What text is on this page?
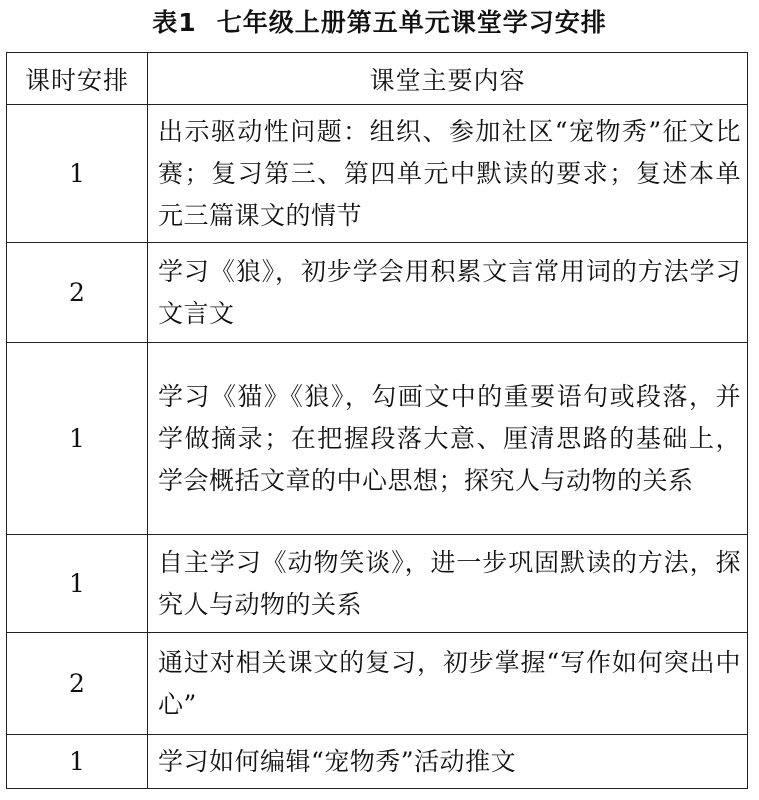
表1 七年级上册第五单元课堂学习安排
课时安排	课堂主要内容
1	出示驱动性问题：组织、参加社区“宠物秀”征文比赛；复习第三、第四单元中默读的要求；复述本单元三篇课文的情节
2	学习《狼》，初步学会用积累文言常用词的方法学习文言文
1	学习《猫》《狼》，勾画文中的重要语句或段落，并学做摘录；在把握段落大意、厘清思路的基础上，学会概括文章的中心思想；探究人与动物的关系
1	自主学习《动物笑谈》，进一步巩固默读的方法，探究人与动物的关系
2	通过对相关课文的复习，初步掌握“写作如何突出中心”
1	学习如何编辑“宠物秀”活动推文
